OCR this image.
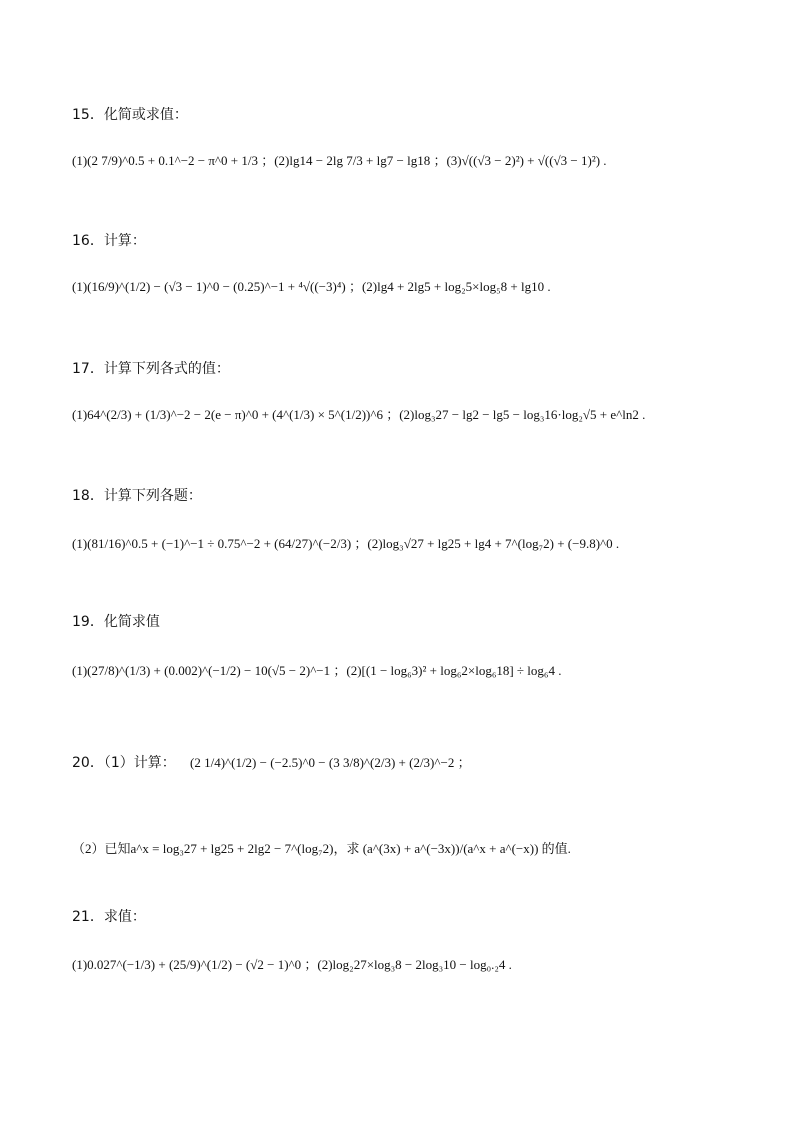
15．化简或求值：
(1)(2 7/9)^0.5 + 0.1^−2 − π^0 + 1/3 ；(2)lg14 − 2lg 7/3 + lg7 − lg18 ；(3)√((√3 − 2)²) + √((√3 − 1)²) .
16．计算：
(1)(16/9)^(1/2) − (√3 − 1)^0 − (0.25)^−1 + ⁴√((−3)⁴) ；(2)lg4 + 2lg5 + log₂5×log₅8 + lg10 .
17．计算下列各式的值：
(1)64^(2/3) + (1/3)^−2 − 2(e − π)^0 + (4^(1/3) × 5^(1/2))^6 ；(2)log₃27 − lg2 − lg5 − log₃16·log₂√5 + e^ln2 .
18．计算下列各题：
(1)(81/16)^0.5 + (−1)^−1 ÷ 0.75^−2 + (64/27)^(−2/3) ；(2)log₃√27 + lg25 + lg4 + 7^(log₇2) + (−9.8)^0 .
19．化简求值
(1)(27/8)^(1/3) + (0.002)^(−1/2) − 10(√5 − 2)^−1 ；(2)[(1 − log₆3)² + log₆2×log₆18] ÷ log₆4 .
20．（1）计算： (2 1/4)^(1/2) − (−2.5)^0 − (3 3/8)^(2/3) + (2/3)^−2 ；
（2）已知a^x = log₃27 + lg25 + 2lg2 − 7^(log₇2)，求 (a^(3x) + a^(−3x))/(a^x + a^(−x)) 的值.
21．求值：
(1)0.027^(−1/3) + (25/9)^(1/2) − (√2 − 1)^0 ；(2)log₂27×log₃8 − 2log₃10 − log₀.₂4 .
